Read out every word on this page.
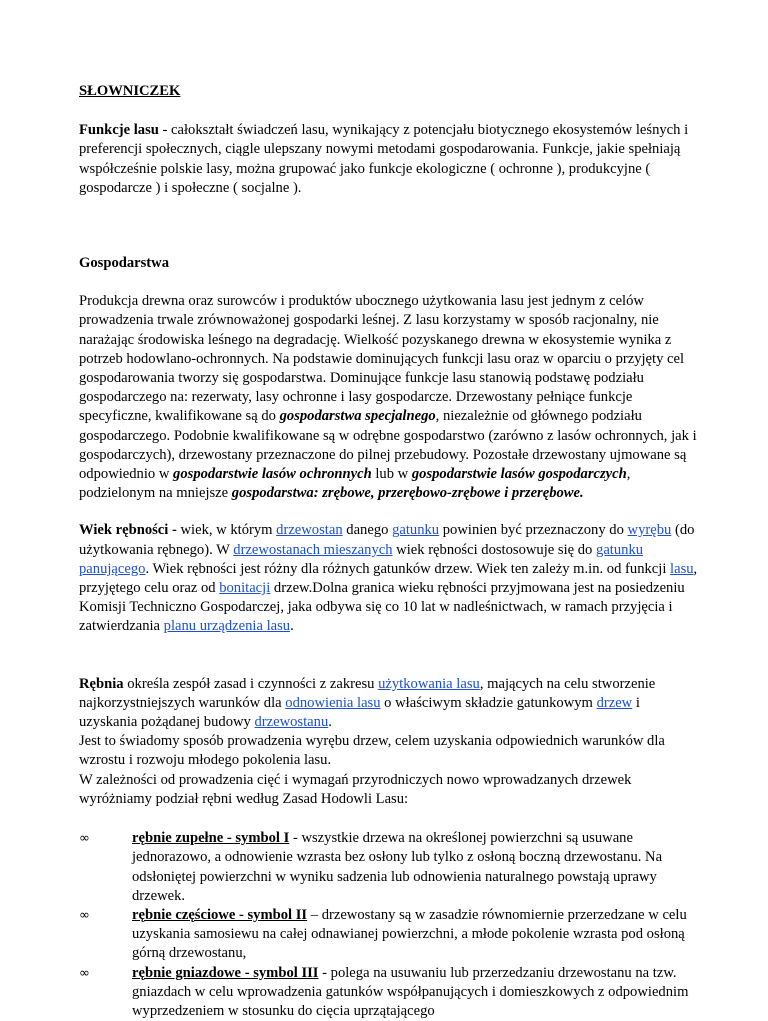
SŁOWNICZEK

Funkcje lasu - całokształt świadczeń lasu, wynikający z potencjału biotycznego ekosystemów leśnych i preferencji społecznych, ciągle ulepszany nowymi metodami gospodarowania. Funkcje, jakie spełniają współcześnie polskie lasy, można grupować jako funkcje ekologiczne ( ochronne ), produkcyjne ( gospodarcze ) i społeczne ( socjalne ).

Gospodarstwa

Produkcja drewna oraz surowców i produktów ubocznego użytkowania lasu jest jednym z celów prowadzenia trwale zrównoważonej gospodarki leśnej. Z lasu korzystamy w sposób racjonalny, nie narażając środowiska leśnego na degradację. Wielkość pozyskanego drewna w ekosystemie wynika z potrzeb hodowlano-ochronnych. Na podstawie dominujących funkcji lasu oraz w oparciu o przyjęty cel gospodarowania tworzy się gospodarstwa. Dominujące funkcje lasu stanowią podstawę podziału gospodarczego na: rezerwaty, lasy ochronne i lasy gospodarcze. Drzewostany pełniące funkcje specyficzne, kwalifikowane są do gospodarstwa specjalnego, niezależnie od głównego podziału gospodarczego. Podobnie kwalifikowane są w odrębne gospodarstwo (zarówno z lasów ochronnych, jak i gospodarczych), drzewostany przeznaczone do pilnej przebudowy. Pozostałe drzewostany ujmowane są odpowiednio w gospodarstwie lasów ochronnych lub w gospodarstwie lasów gospodarczych, podzielonym na mniejsze gospodarstwa: zrębowe, przerębowo-zrębowe i przerębowe.

Wiek rębności - wiek, w którym drzewostan danego gatunku powinien być przeznaczony do wyrębu (do użytkowania rębnego). W drzewostanach mieszanych wiek rębności dostosowuje się do gatunku panującego. Wiek rębności jest różny dla różnych gatunków drzew. Wiek ten zależy m.in. od funkcji lasu, przyjętego celu oraz od bonitacji drzew.Dolna granica wieku rębności przyjmowana jest na posiedzeniu Komisji Techniczno Gospodarczej, jaka odbywa się co 10 lat w nadleśnictwach, w ramach przyjęcia i zatwierdzania planu urządzenia lasu.

Rębnia określa zespół zasad i czynności z zakresu użytkowania lasu, mających na celu stworzenie najkorzystniejszych warunków dla odnowienia lasu o właściwym składzie gatunkowym drzew i uzyskania pożądanej budowy drzewostanu.

Jest to świadomy sposób prowadzenia wyrębu drzew, celem uzyskania odpowiednich warunków dla wzrostu i rozwoju młodego pokolenia lasu.

W zależności od prowadzenia cięć i wymagań przyrodniczych nowo wprowadzanych drzewek wyróżniamy podział rębni według Zasad Hodowli Lasu:

∞	rębnie zupełne - symbol I - wszystkie drzewa na określonej powierzchni są usuwane jednorazowo, a odnowienie wzrasta bez osłony lub tylko z osłoną boczną drzewostanu. Na odsłoniętej powierzchni w wyniku sadzenia lub odnowienia naturalnego powstają uprawy drzewek.
∞	rębnie częściowe - symbol II – drzewostany są w zasadzie równomiernie przerzedzane w celu uzyskania samosiewu na całej odnawianej powierzchni, a młode pokolenie wzrasta pod osłoną górną drzewostanu,
∞	rębnie gniazdowe - symbol III - polega na usuwaniu lub przerzedzaniu drzewostanu na tzw. gniazdach w celu wprowadzenia gatunków współpanujących i domieszkowych z odpowiednim wyprzedzeniem w stosunku do cięcia uprzątającego
